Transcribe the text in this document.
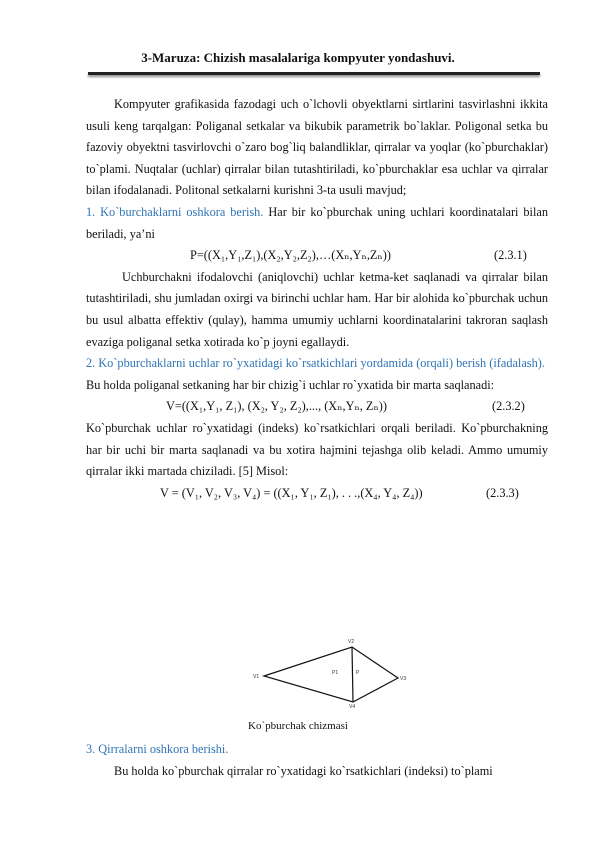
3-Maruza: Chizish masalalariga kompyuter yondashuvi.

Kompyuter grafikasida fazodagi uch o`lchovli obyektlarni sirtlarini tasvirlashni ikkita usuli keng tarqalgan: Poliganal setkalar va bikubik parametrik bo`laklar. Poligonal setka bu fazoviy obyektni tasvirlovchi o`zaro bog`liq balandliklar, qirralar va yoqlar (ko`pburchaklar) to`plami. Nuqtalar (uchlar) qirralar bilan tutashtiriladi, ko`pburchaklar esa uchlar va qirralar bilan ifodalanadi. Politonal setkalarni kurishni 3-ta usuli mavjud;

1. Ko`burchaklarni oshkora berish. Har bir ko`pburchak uning uchlari koordinatalari bilan beriladi, ya’ni

P=((X₁,Y₁,Z₁),(X₂,Y₂,Z₂),…(Xₙ,Yₙ,Zₙ))	(2.3.1)

Uchburchakni ifodalovchi (aniqlovchi) uchlar ketma-ket saqlanadi va qirralar bilan tutashtiriladi, shu jumladan oxirgi va birinchi uchlar ham. Har bir alohida ko`pburchak uchun bu usul albatta effektiv (qulay), hamma umumiy uchlarni koordinatalarini takroran saqlash evaziga poliganal setka xotirada ko`p joyni egallaydi.

2. Ko`pburchaklarni uchlar ro`yxatidagi ko`rsatkichlari yordamida (orqali) berish (ifadalash).

Bu holda poliganal setkaning har bir chizig`i uchlar ro`yxatida bir marta saqlanadi:

V=((X₁,Y₁, Z₁), (X₂, Y₂, Z₂),..., (Xₙ,Yₙ, Zₙ))	(2.3.2)

Ko`pburchak uchlar ro`yxatidagi (indeks) ko`rsatkichlari orqali beriladi. Ko`pburchakning har bir uchi bir marta saqlanadi va bu xotira hajmini tejashga olib keladi. Ammo umumiy qirralar ikki martada chiziladi. [5] Misol:

V = (V₁, V₂, V₃, V₄) = ((X₁, Y₁, Z₁), . . .,(X₄, Y₄, Z₄))	(2.3.3)
V2
V1	V3
V4
P1	P
Ko`pburchak chizmasi

3. Qirralarni oshkora berishi.

Bu holda ko`pburchak qirralar ro`yxatidagi ko`rsatkichlari (indeksi) to`plami
